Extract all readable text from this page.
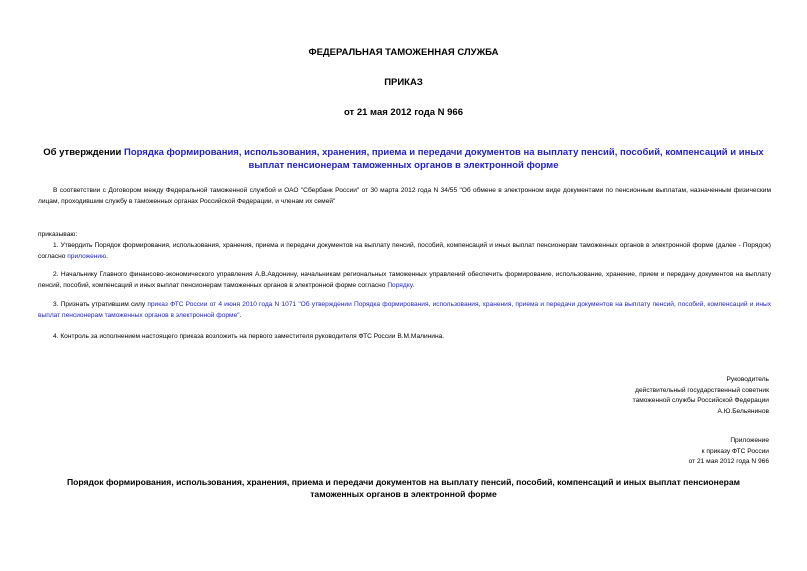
ФЕДЕРАЛЬНАЯ ТАМОЖЕННАЯ СЛУЖБА
ПРИКАЗ
от 21 мая 2012 года N 966
Об утверждении Порядка формирования, использования, хранения, приема и передачи документов на выплату пенсий, пособий, компенсаций и иных выплат пенсионерам таможенных органов в электронной форме
В соответствии с Договором между Федеральной таможенной службой и ОАО "Сбербанк России" от 30 марта 2012 года N 34/55 "Об обмене в электронном виде документами по пенсионным выплатам, назначенным физическим лицам, проходившим службу в таможенных органах Российской Федерации, и членам их семей"
приказываю:
1. Утвердить Порядок формирования, использования, хранения, приема и передачи документов на выплату пенсий, пособий, компенсаций и иных выплат пенсионерам таможенных органов в электронной форме (далее - Порядок) согласно приложению.
2. Начальнику Главного финансово-экономического управления А.В.Авдонину, начальникам региональных таможенных управлений обеспечить формирование, использование, хранение, прием и передачу документов на выплату пенсий, пособий, компенсаций и иных выплат пенсионерам таможенных органов в электронной форме согласно Порядку.
3. Признать утратившим силу приказ ФТС России от 4 июня 2010 года N 1071 "Об утверждении Порядка формирования, использования, хранения, приема и передачи документов на выплату пенсий, пособий, компенсаций и иных выплат пенсионерам таможенных органов в электронной форме".
4. Контроль за исполнением настоящего приказа возложить на первого заместителя руководителя ФТС России В.М.Малинина.
Руководитель
действительный государственный советник
таможенной службы Российской Федерации
А.Ю.Бельянинов
Приложение
к приказу ФТС России
от 21 мая 2012 года N 966
Порядок формирования, использования, хранения, приема и передачи документов на выплату пенсий, пособий, компенсаций и иных выплат пенсионерам таможенных органов в электронной форме
